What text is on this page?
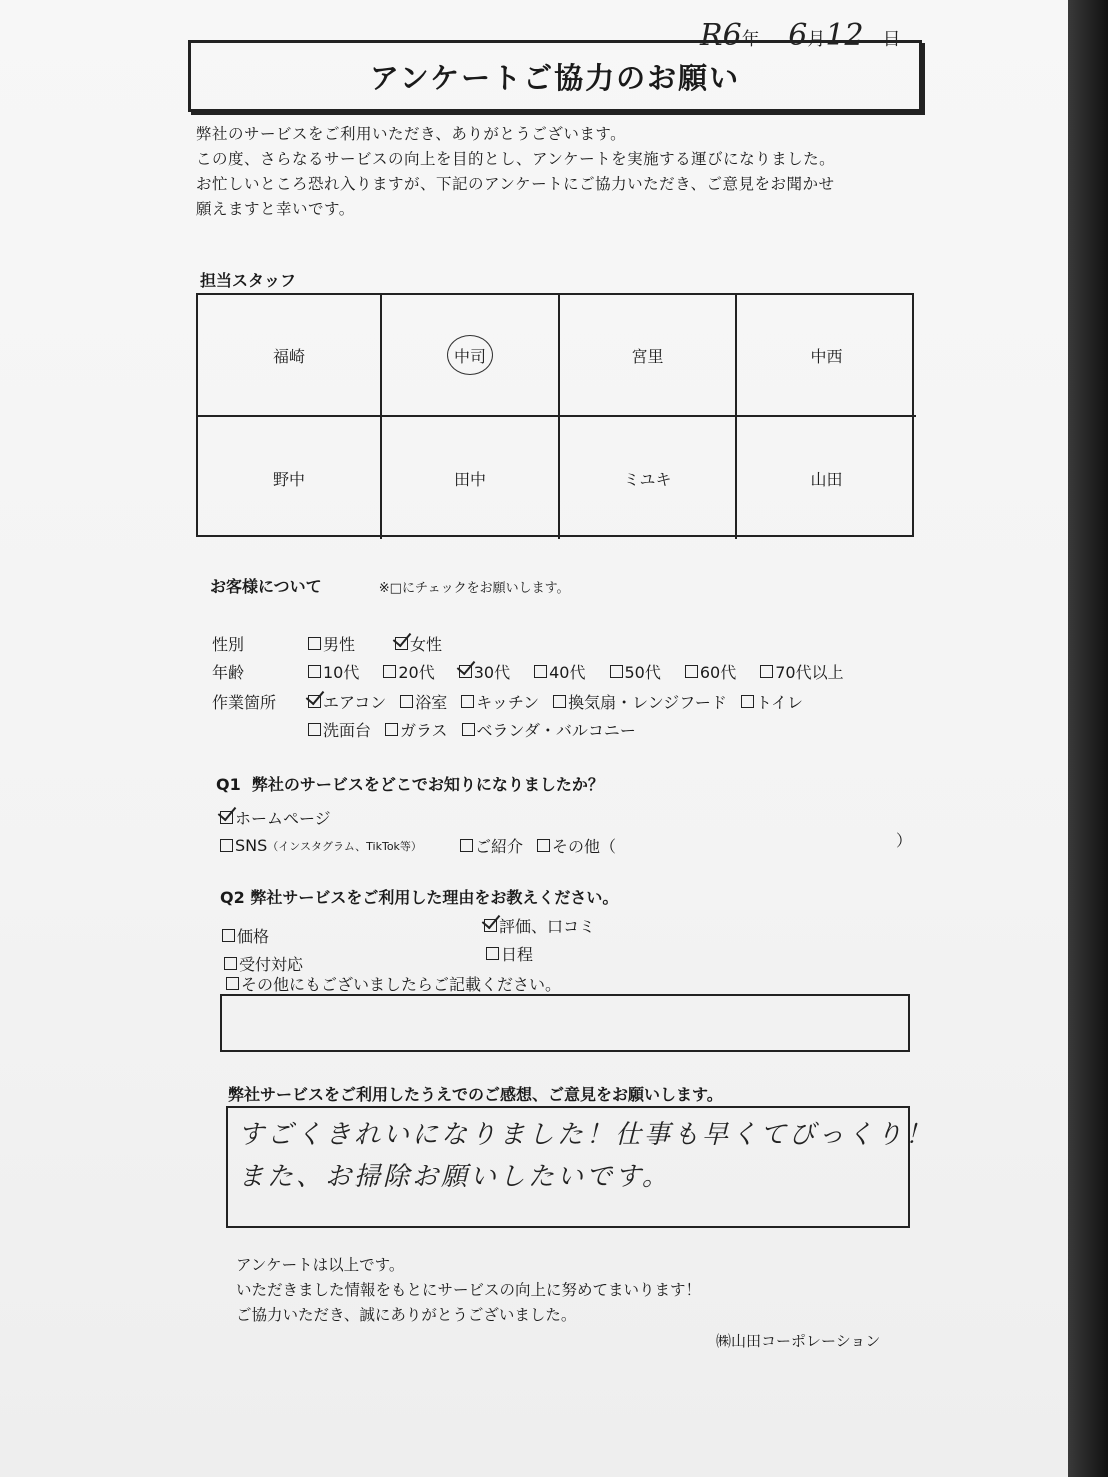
R6年 6月12 日
アンケートご協力のお願い
弊社のサービスをご利用いただき、ありがとうございます。
この度、さらなるサービスの向上を目的とし、アンケートを実施する運びになりました。
お忙しいところ恐れ入りますが、下記のアンケートにご協力いただき、ご意見をお聞かせ
願えますと幸いです。
担当スタッフ
福崎	中司	宮里	中西
野中	田中	ミユキ	山田
お客様について	※□にチェックをお願いします。
性別	男性	女性
年齢	10代 20代 30代 40代 50代 60代 70代以上
作業箇所	エアコン 浴室 キッチン 換気扇・レンジフード トイレ
洗面台 ガラス ベランダ・バルコニー
Q1 弊社のサービスをどこでお知りになりましたか？
ホームページ
SNS （インスタグラム、TikTok等）	ご紹介 その他（	）
Q2 弊社サービスをご利用した理由をお教えください。
価格
評価、口コミ
受付対応
日程
その他にもございましたらご記載ください。
弊社サービスをご利用したうえでのご感想、ご意見をお願いします。
すごくきれいになりました！仕事も早くてびっくり！
また、お掃除お願いしたいです。
アンケートは以上です。
いただきました情報をもとにサービスの向上に努めてまいります！
ご協力いただき、誠にありがとうございました。
㈱山田コーポレーション
